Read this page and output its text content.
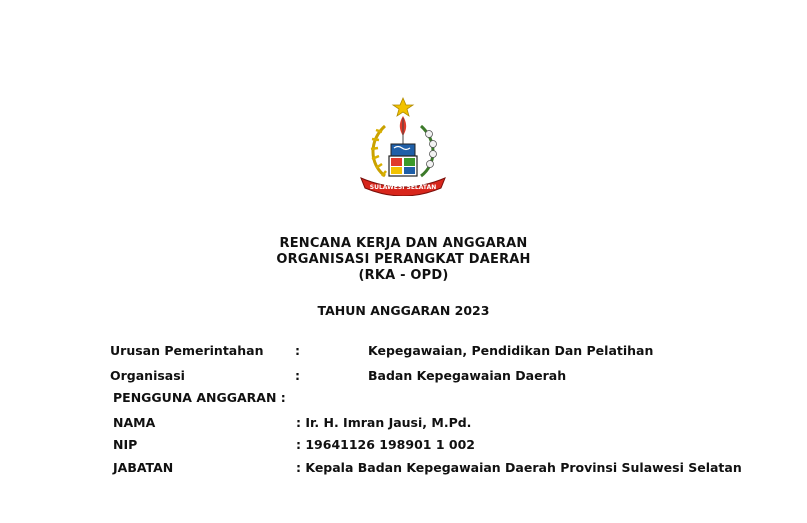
SULAWESI SELATAN
RENCANA KERJA DAN ANGGARAN
ORGANISASI PERANGKAT DAERAH
(RKA - OPD)
TAHUN ANGGARAN 2023
Urusan Pemerintahan	:	Kepegawaian, Pendidikan Dan Pelatihan
Organisasi	:	Badan Kepegawaian Daerah
PENGGUNA ANGGARAN :
NAMA	: Ir. H. Imran Jausi, M.Pd.
NIP	: 19641126 198901 1 002
JABATAN	: Kepala Badan Kepegawaian Daerah Provinsi Sulawesi Selatan
